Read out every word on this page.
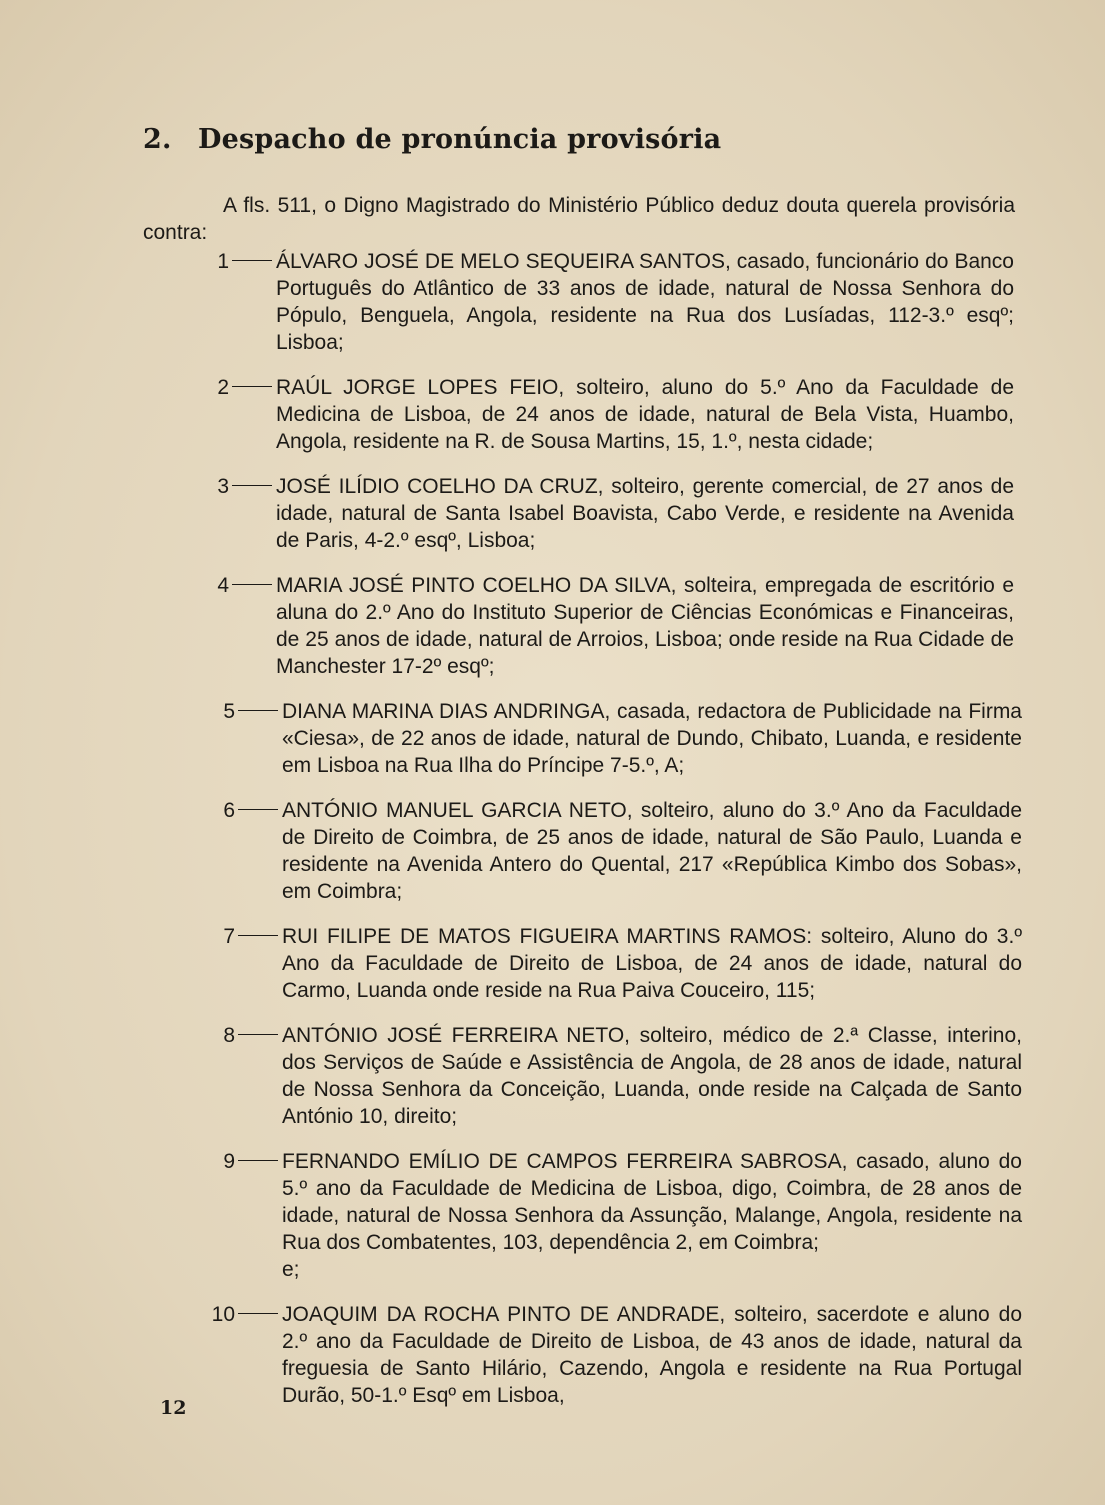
2. Despacho de pronúncia provisória

A fls. 511, o Digno Magistrado do Ministério Público deduz douta querela provisória contra:

1	ÁLVARO JOSÉ DE MELO SEQUEIRA SANTOS, casado, funcionário do Banco Português do Atlântico de 33 anos de idade, natural de Nossa Senhora do Pópulo, Benguela, Angola, residente na Rua dos Lusíadas, 112-3.º esqº; Lisboa;
2	RAÚL JORGE LOPES FEIO, solteiro, aluno do 5.º Ano da Faculdade de Medicina de Lisboa, de 24 anos de idade, natural de Bela Vista, Huambo, Angola, residente na R. de Sousa Martins, 15, 1.º, nesta cidade;
3	JOSÉ ILÍDIO COELHO DA CRUZ, solteiro, gerente comercial, de 27 anos de idade, natural de Santa Isabel Boavista, Cabo Verde, e residente na Avenida de Paris, 4-2.º esqº, Lisboa;
4	MARIA JOSÉ PINTO COELHO DA SILVA, solteira, empregada de escritório e aluna do 2.º Ano do Instituto Superior de Ciências Económicas e Financeiras, de 25 anos de idade, natural de Arroios, Lisboa; onde reside na Rua Cidade de Manchester 17-2º esqº;
5	DIANA MARINA DIAS ANDRINGA, casada, redactora de Publicidade na Firma «Ciesa», de 22 anos de idade, natural de Dundo, Chibato, Luanda, e residente em Lisboa na Rua Ilha do Príncipe 7-5.º, A;
6	ANTÓNIO MANUEL GARCIA NETO, solteiro, aluno do 3.º Ano da Faculdade de Direito de Coimbra, de 25 anos de idade, natural de São Paulo, Luanda e residente na Avenida Antero do Quental, 217 «República Kimbo dos Sobas», em Coimbra;
7	RUI FILIPE DE MATOS FIGUEIRA MARTINS RAMOS: solteiro, Aluno do 3.º Ano da Faculdade de Direito de Lisboa, de 24 anos de idade, natural do Carmo, Luanda onde reside na Rua Paiva Couceiro, 115;
8	ANTÓNIO JOSÉ FERREIRA NETO, solteiro, médico de 2.ª Classe, interino, dos Serviços de Saúde e Assistência de Angola, de 28 anos de idade, natural de Nossa Senhora da Conceição, Luanda, onde reside na Calçada de Santo António 10, direito;
9	FERNANDO EMÍLIO DE CAMPOS FERREIRA SABROSA, casado, aluno do 5.º ano da Faculdade de Medicina de Lisboa, digo, Coimbra, de 28 anos de idade, natural de Nossa Senhora da Assunção, Malange, Angola, residente na Rua dos Combatentes, 103, dependência 2, em Coimbra;
e;
10	JOAQUIM DA ROCHA PINTO DE ANDRADE, solteiro, sacerdote e aluno do 2.º ano da Faculdade de Direito de Lisboa, de 43 anos de idade, natural da freguesia de Santo Hilário, Cazendo, Angola e residente na Rua Portugal Durão, 50-1.º Esqº em Lisboa,
12
